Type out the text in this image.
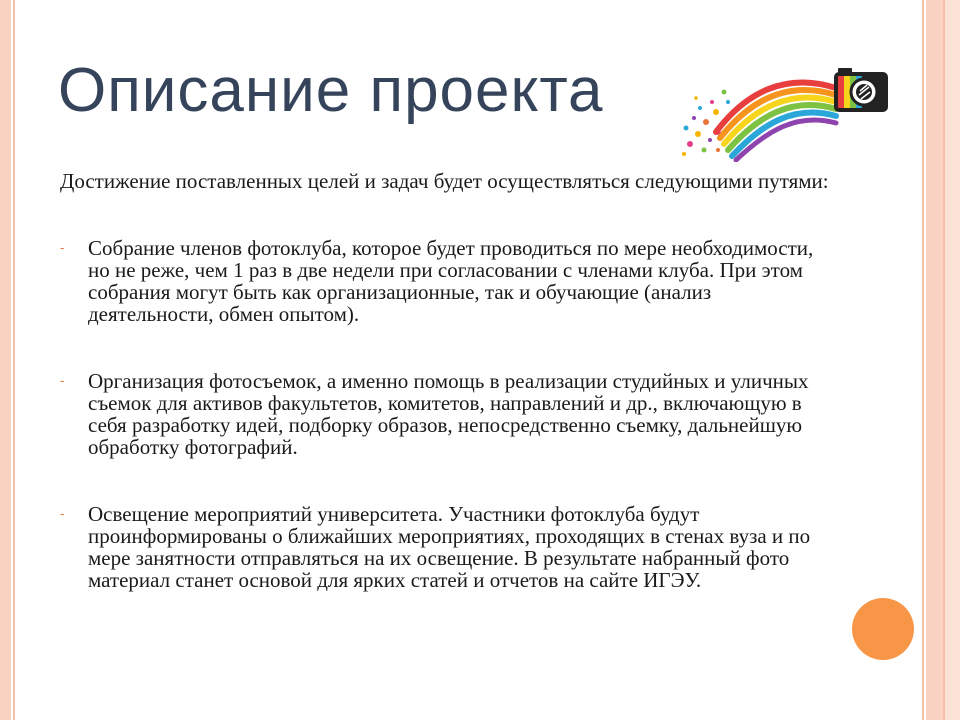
Описание проекта

Достижение поставленных целей и задач будет осуществляться следующими путями:

- Собрание членов фотоклуба, которое будет проводиться по мере необходимости, но не реже, чем 1 раз в две недели при согласовании с членами клуба. При этом собрания могут быть как организационные, так и обучающие (анализ деятельности, обмен опытом).
- Организация фотосъемок, а именно помощь в реализации студийных и уличных съемок для активов факультетов, комитетов, направлений и др., включающую в себя разработку идей, подборку образов, непосредственно съемку, дальнейшую обработку фотографий.
- Освещение мероприятий университета. Участники фотоклуба будут проинформированы о ближайших мероприятиях, проходящих в стенах вуза и по мере занятности отправляться на их освещение. В результате набранный фото материал станет основой для ярких статей и отчетов на сайте ИГЭУ.
